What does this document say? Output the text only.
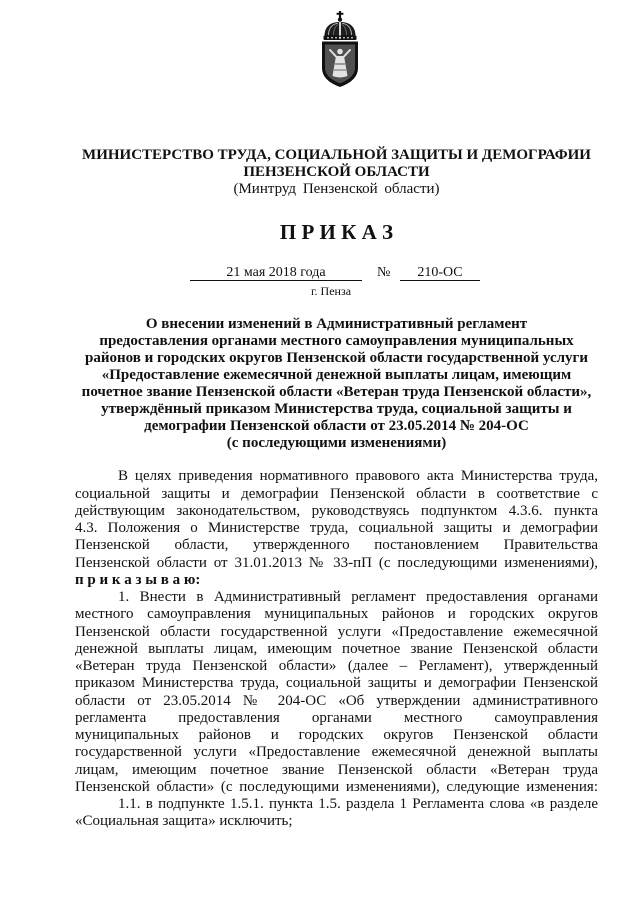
МИНИСТЕРСТВО ТРУДА, СОЦИАЛЬНОЙ ЗАЩИТЫ И ДЕМОГРАФИИ
ПЕНЗЕНСКОЙ ОБЛАСТИ
(Минтруд Пензенской области)
П Р И К А З
21 мая 2018 года	№	210-ОС
г. Пенза
О внесении изменений в Административный регламент
предоставления органами местного самоуправления муниципальных
районов и городских округов Пензенской области государственной услуги
«Предоставление ежемесячной денежной выплаты лицам, имеющим
почетное звание Пензенской области «Ветеран труда Пензенской области»,
утверждённый приказом Министерства труда, социальной защиты и
демографии Пензенской области от 23.05.2014 № 204-ОС
(с последующими изменениями)
В целях приведения нормативного правового акта Министерства труда,
социальной защиты и демографии Пензенской области в соответствие с
действующим законодательством, руководствуясь подпунктом 4.3.6. пункта
4.3. Положения о Министерстве труда, социальной защиты и демографии
Пензенской области, утвержденного постановлением Правительства
Пензенской области от 31.01.2013 № 33-пП (с последующими изменениями),
п р и к а з ы в а ю:
1. Внести в Административный регламент предоставления органами
местного самоуправления муниципальных районов и городских округов
Пензенской области государственной услуги «Предоставление ежемесячной
денежной выплаты лицам, имеющим почетное звание Пензенской области
«Ветеран труда Пензенской области» (далее – Регламент), утвержденный
приказом Министерства труда, социальной защиты и демографии Пензенской
области от 23.05.2014 № 204-ОС «Об утверждении административного
регламента предоставления органами местного самоуправления
муниципальных районов и городских округов Пензенской области
государственной услуги «Предоставление ежемесячной денежной выплаты
лицам, имеющим почетное звание Пензенской области «Ветеран труда
Пензенской области» (с последующими изменениями), следующие изменения:
1.1. в подпункте 1.5.1. пункта 1.5. раздела 1 Регламента слова «в разделе
«Социальная защита» исключить;
